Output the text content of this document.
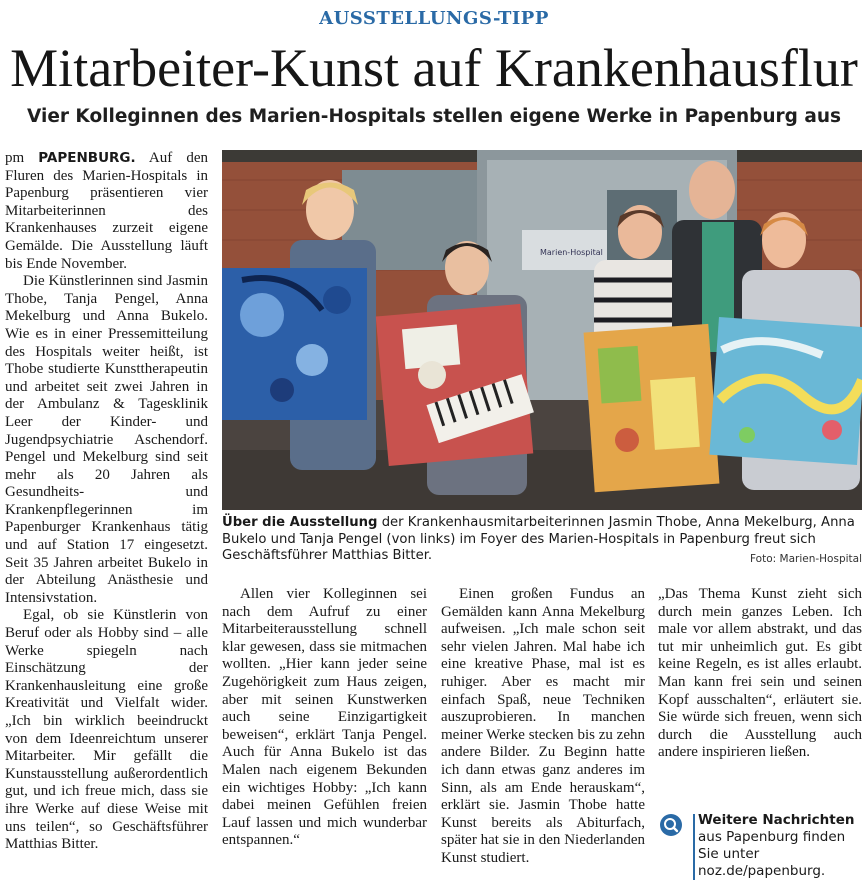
AUSSTELLUNGS-TIPP
Mitarbeiter-Kunst auf Krankenhausflur
Vier Kolleginnen des Marien-Hospitals stellen eigene Werke in Papenburg aus

pm PAPENBURG. Auf den Fluren des Marien-Hospitals in Papenburg präsentieren vier Mitarbeiterinnen des Krankenhauses zurzeit eigene Gemälde. Die Ausstellung läuft bis Ende November.

Die Künstlerinnen sind Jasmin Thobe, Tanja Pengel, Anna Mekelburg und Anna Bukelo. Wie es in einer Pressemitteilung des Hospitals weiter heißt, ist Thobe studierte Kunsttherapeutin und arbeitet seit zwei Jahren in der Ambulanz & Tagesklinik Leer der Kinder- und Jugendpsychiatrie Aschendorf. Pengel und Mekelburg sind seit mehr als 20 Jahren als Gesundheits- und Krankenpflegerinnen im Papenburger Krankenhaus tätig und auf Station 17 eingesetzt. Seit 35 Jahren arbeitet Bukelo in der Abteilung Anästhesie und Intensivstation.

Egal, ob sie Künstlerin von Beruf oder als Hobby sind – alle Werke spiegeln nach Einschätzung der Krankenhausleitung eine große Kreativität und Vielfalt wider. „Ich bin wirklich beeindruckt von dem Ideenreichtum unserer Mitarbeiter. Mir gefällt die Kunstausstellung außerordentlich gut, und ich freue mich, dass sie ihre Werke auf diese Weise mit uns teilen“, so Geschäftsführer Matthias Bitter.

Marien-Hospital
Über die Ausstellung der Krankenhausmitarbeiterinnen Jasmin Thobe, Anna Mekelburg, Anna Bukelo und Tanja Pengel (von links) im Foyer des Marien-Hospitals in Papenburg freut sich Geschäftsführer Matthias Bitter.	Foto: Marien-Hospital

Allen vier Kolleginnen sei nach dem Aufruf zu einer Mitarbeiterausstellung schnell klar gewesen, dass sie mitmachen wollten. „Hier kann jeder seine Zugehörigkeit zum Haus zeigen, aber mit seinen Kunstwerken auch seine Einzigartigkeit beweisen“, erklärt Tanja Pengel. Auch für Anna Bukelo ist das Malen nach eigenem Bekunden ein wichtiges Hobby: „Ich kann dabei meinen Gefühlen freien Lauf lassen und mich wunderbar entspannen.“

Einen großen Fundus an Gemälden kann Anna Mekelburg aufweisen. „Ich male schon seit sehr vielen Jahren. Mal habe ich eine kreative Phase, mal ist es ruhiger. Aber es macht mir einfach Spaß, neue Techniken auszuprobieren. In manchen meiner Werke stecken bis zu zehn andere Bilder. Zu Beginn hatte ich dann etwas ganz anderes im Sinn, als am Ende herauskam“, erklärt sie. Jasmin Thobe hatte Kunst bereits als Abiturfach, später hat sie in den Niederlanden Kunst studiert.

„Das Thema Kunst zieht sich durch mein ganzes Leben. Ich male vor allem abstrakt, und das tut mir unheimlich gut. Es gibt keine Regeln, es ist alles erlaubt. Man kann frei sein und seinen Kopf ausschalten“, erläutert sie. Sie würde sich freuen, wenn sich durch die Ausstellung auch andere inspirieren ließen.

Weitere Nachrichten
aus Papenburg finden Sie unter noz.de/papenburg.
